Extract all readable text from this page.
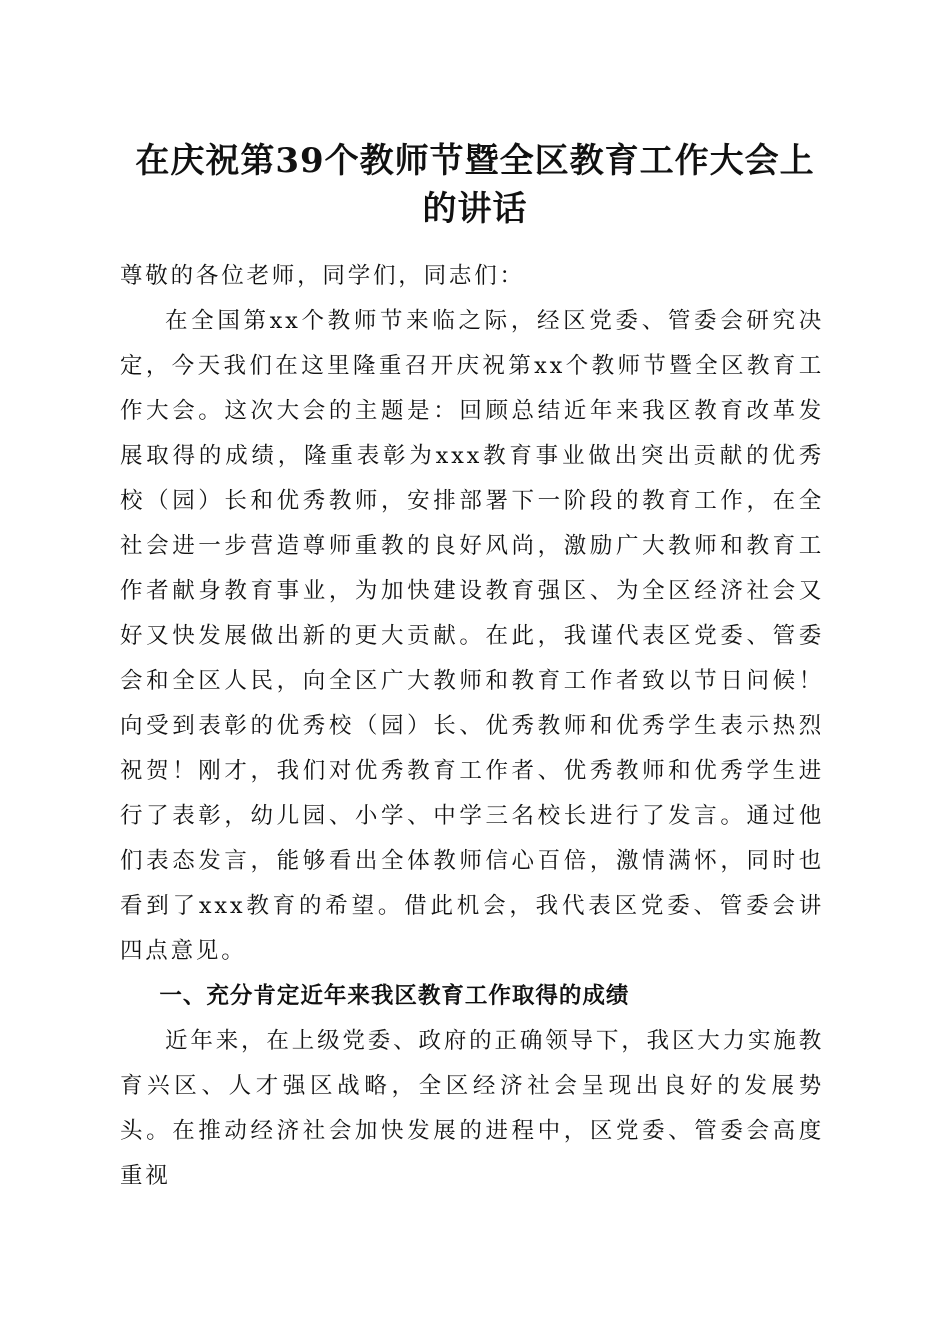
在庆祝第39个教师节暨全区教育工作大会上
的讲话

尊敬的各位老师，同学们，同志们：

在全国第xx个教师节来临之际，经区党委、管委会研究决定，今天我们在这里隆重召开庆祝第xx个教师节暨全区教育工作大会。这次大会的主题是：回顾总结近年来我区教育改革发展取得的成绩，隆重表彰为xxx教育事业做出突出贡献的优秀校（园）长和优秀教师，安排部署下一阶段的教育工作，在全社会进一步营造尊师重教的良好风尚，激励广大教师和教育工作者献身教育事业，为加快建设教育强区、为全区经济社会又好又快发展做出新的更大贡献。在此，我谨代表区党委、管委会和全区人民，向全区广大教师和教育工作者致以节日问候！向受到表彰的优秀校（园）长、优秀教师和优秀学生表示热烈祝贺！刚才，我们对优秀教育工作者、优秀教师和优秀学生进行了表彰，幼儿园、小学、中学三名校长进行了发言。通过他们表态发言，能够看出全体教师信心百倍，激情满怀，同时也看到了xxx教育的希望。借此机会，我代表区党委、管委会讲四点意见。

一、充分肯定近年来我区教育工作取得的成绩

近年来，在上级党委、政府的正确领导下，我区大力实施教育兴区、人才强区战略，全区经济社会呈现出良好的发展势头。在推动经济社会加快发展的进程中，区党委、管委会高度重视
